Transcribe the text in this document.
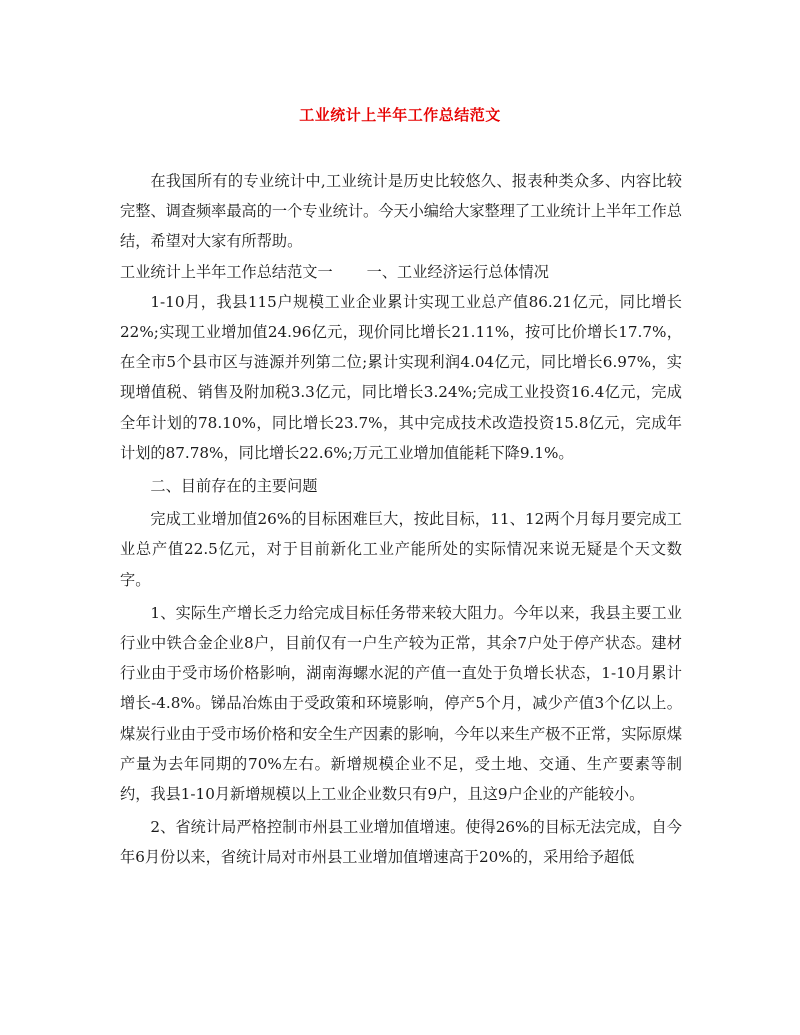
工业统计上半年工作总结范文

在我国所有的专业统计中,工业统计是历史比较悠久、报表种类众多、内容比较完整、调查频率最高的一个专业统计。今天小编给大家整理了工业统计上半年工作总结，希望对大家有所帮助。

工业统计上半年工作总结范文一 一、工业经济运行总体情况

1-10月，我县115户规模工业企业累计实现工业总产值86.21亿元，同比增长22%;实现工业增加值24.96亿元，现价同比增长21.11%，按可比价增长17.7%，在全市5个县市区与涟源并列第二位;累计实现利润4.04亿元，同比增长6.97%，实现增值税、销售及附加税3.3亿元，同比增长3.24%;完成工业投资16.4亿元，完成全年计划的78.10%，同比增长23.7%，其中完成技术改造投资15.8亿元，完成年计划的87.78%，同比增长22.6%;万元工业增加值能耗下降9.1%。

二、目前存在的主要问题

完成工业增加值26%的目标困难巨大，按此目标，11、12两个月每月要完成工业总产值22.5亿元，对于目前新化工业产能所处的实际情况来说无疑是个天文数字。

1、实际生产增长乏力给完成目标任务带来较大阻力。今年以来，我县主要工业行业中铁合金企业8户，目前仅有一户生产较为正常，其余7户处于停产状态。建材行业由于受市场价格影响，湖南海螺水泥的产值一直处于负增长状态，1-10月累计增长-4.8%。锑品冶炼由于受政策和环境影响，停产5个月，减少产值3个亿以上。煤炭行业由于受市场价格和安全生产因素的影响，今年以来生产极不正常，实际原煤产量为去年同期的70%左右。新增规模企业不足，受土地、交通、生产要素等制约，我县1-10月新增规模以上工业企业数只有9户，且这9户企业的产能较小。

2、省统计局严格控制市州县工业增加值增速。使得26%的目标无法完成，自今年6月份以来，省统计局对市州县工业增加值增速高于20%的，采用给予超低
